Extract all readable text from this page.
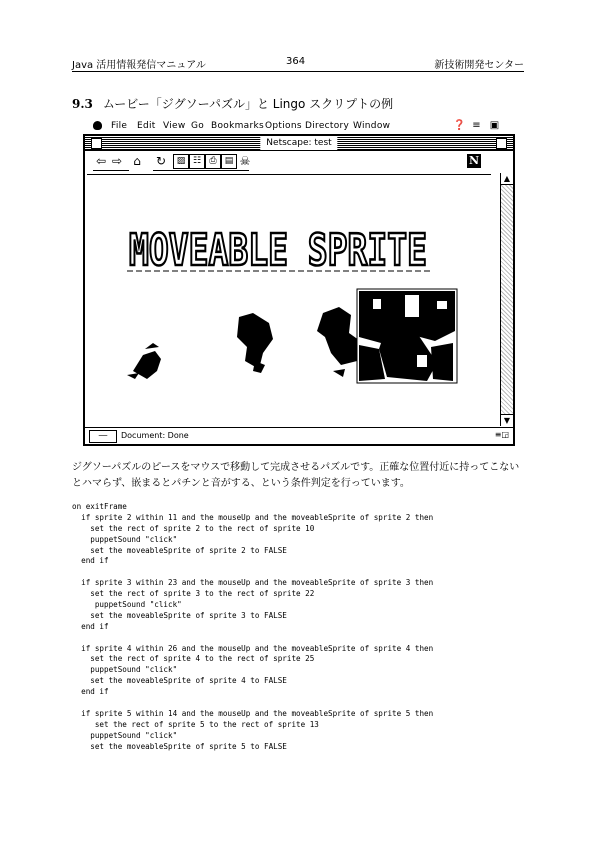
Java 活用情報発信マニュアル	364	新技術開発センター
9.3 ムービー「ジグソーパズル」と Lingo スクリプトの例
File Edit View Go Bookmarks Options Directory Window	❓ ≡ ▣
Netscape: test
⇦ ⇨ ⌂	↻	▨ ☷ ⎙ ▤ ☠	N
MOVEABLE SPRITE
▲
▼
──	Document: Done	≡◲
ジグソーパズルのピースをマウスで移動して完成させるパズルです。正確な位置付近に持ってこないとハマらず、嵌まるとパチンと音がする、という条件判定を行っています。
on exitFrame
if sprite 2 within 11 and the mouseUp and the moveableSprite of sprite 2 then
set the rect of sprite 2 to the rect of sprite 10
puppetSound "click"
set the moveableSprite of sprite 2 to FALSE
end if
if sprite 3 within 23 and the mouseUp and the moveableSprite of sprite 3 then
set the rect of sprite 3 to the rect of sprite 22
puppetSound "click"
set the moveableSprite of sprite 3 to FALSE
end if
if sprite 4 within 26 and the mouseUp and the moveableSprite of sprite 4 then
set the rect of sprite 4 to the rect of sprite 25
puppetSound "click"
set the moveableSprite of sprite 4 to FALSE
end if
if sprite 5 within 14 and the mouseUp and the moveableSprite of sprite 5 then
set the rect of sprite 5 to the rect of sprite 13
puppetSound "click"
set the moveableSprite of sprite 5 to FALSE
